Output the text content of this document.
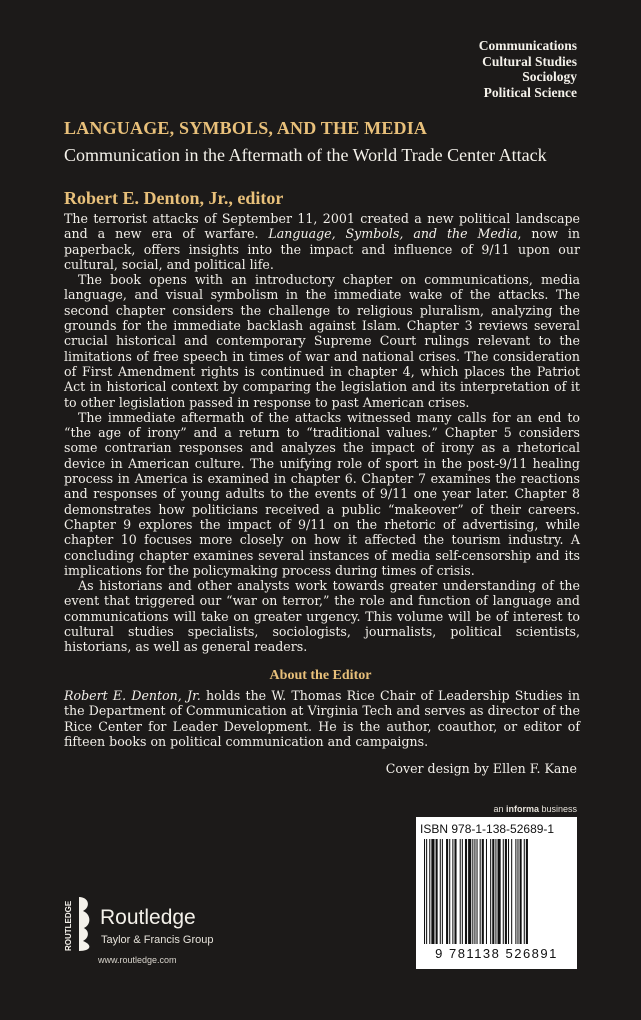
Communications
Cultural Studies
Sociology
Political Science
LANGUAGE, SYMBOLS, AND THE MEDIA
Communication in the Aftermath of the World Trade Center Attack
Robert E. Denton, Jr., editor

The terrorist attacks of September 11, 2001 created a new political landscape and a new era of warfare. Language, Symbols, and the Media, now in paperback, offers insights into the impact and influence of 9/11 upon our cultural, social, and political life.

The book opens with an introductory chapter on communications, media language, and visual symbolism in the immediate wake of the attacks. The second chapter considers the challenge to religious pluralism, analyzing the grounds for the immediate backlash against Islam. Chapter 3 reviews several crucial historical and contemporary Supreme Court rulings relevant to the limitations of free speech in times of war and national crises. The consideration of First Amendment rights is continued in chapter 4, which places the Patriot Act in historical context by comparing the legislation and its interpretation of it to other legislation passed in response to past American crises.

The immediate aftermath of the attacks witnessed many calls for an end to “the age of irony” and a return to “traditional values.” Chapter 5 considers some contrarian responses and analyzes the impact of irony as a rhetorical device in American culture. The unifying role of sport in the post-9/11 healing process in America is examined in chapter 6. Chapter 7 examines the reactions and responses of young adults to the events of 9/11 one year later. Chapter 8 demonstrates how politicians received a public “makeover” of their careers. Chapter 9 explores the impact of 9/11 on the rhetoric of advertising, while chapter 10 focuses more closely on how it affected the tourism industry. A concluding chapter examines several instances of media self-censorship and its implications for the policymaking process during times of crisis.

As historians and other analysts work towards greater understanding of the event that triggered our “war on terror,” the role and function of language and communications will take on greater urgency. This volume will be of interest to cultural studies specialists, sociologists, journalists, political scientists, historians, as well as general readers.

About the Editor
Robert E. Denton, Jr. holds the W. Thomas Rice Chair of Leadership Studies in the Department of Communication at Virginia Tech and serves as director of the Rice Center for Leader Development. He is the author, coauthor, or editor of fifteen books on political communication and campaigns.
Cover design by Ellen F. Kane
an informa business
ISBN 978-1-138-52689-1
9 781138 526891
ROUTLEDGE Routledge
Taylor & Francis Group
www.routledge.com
